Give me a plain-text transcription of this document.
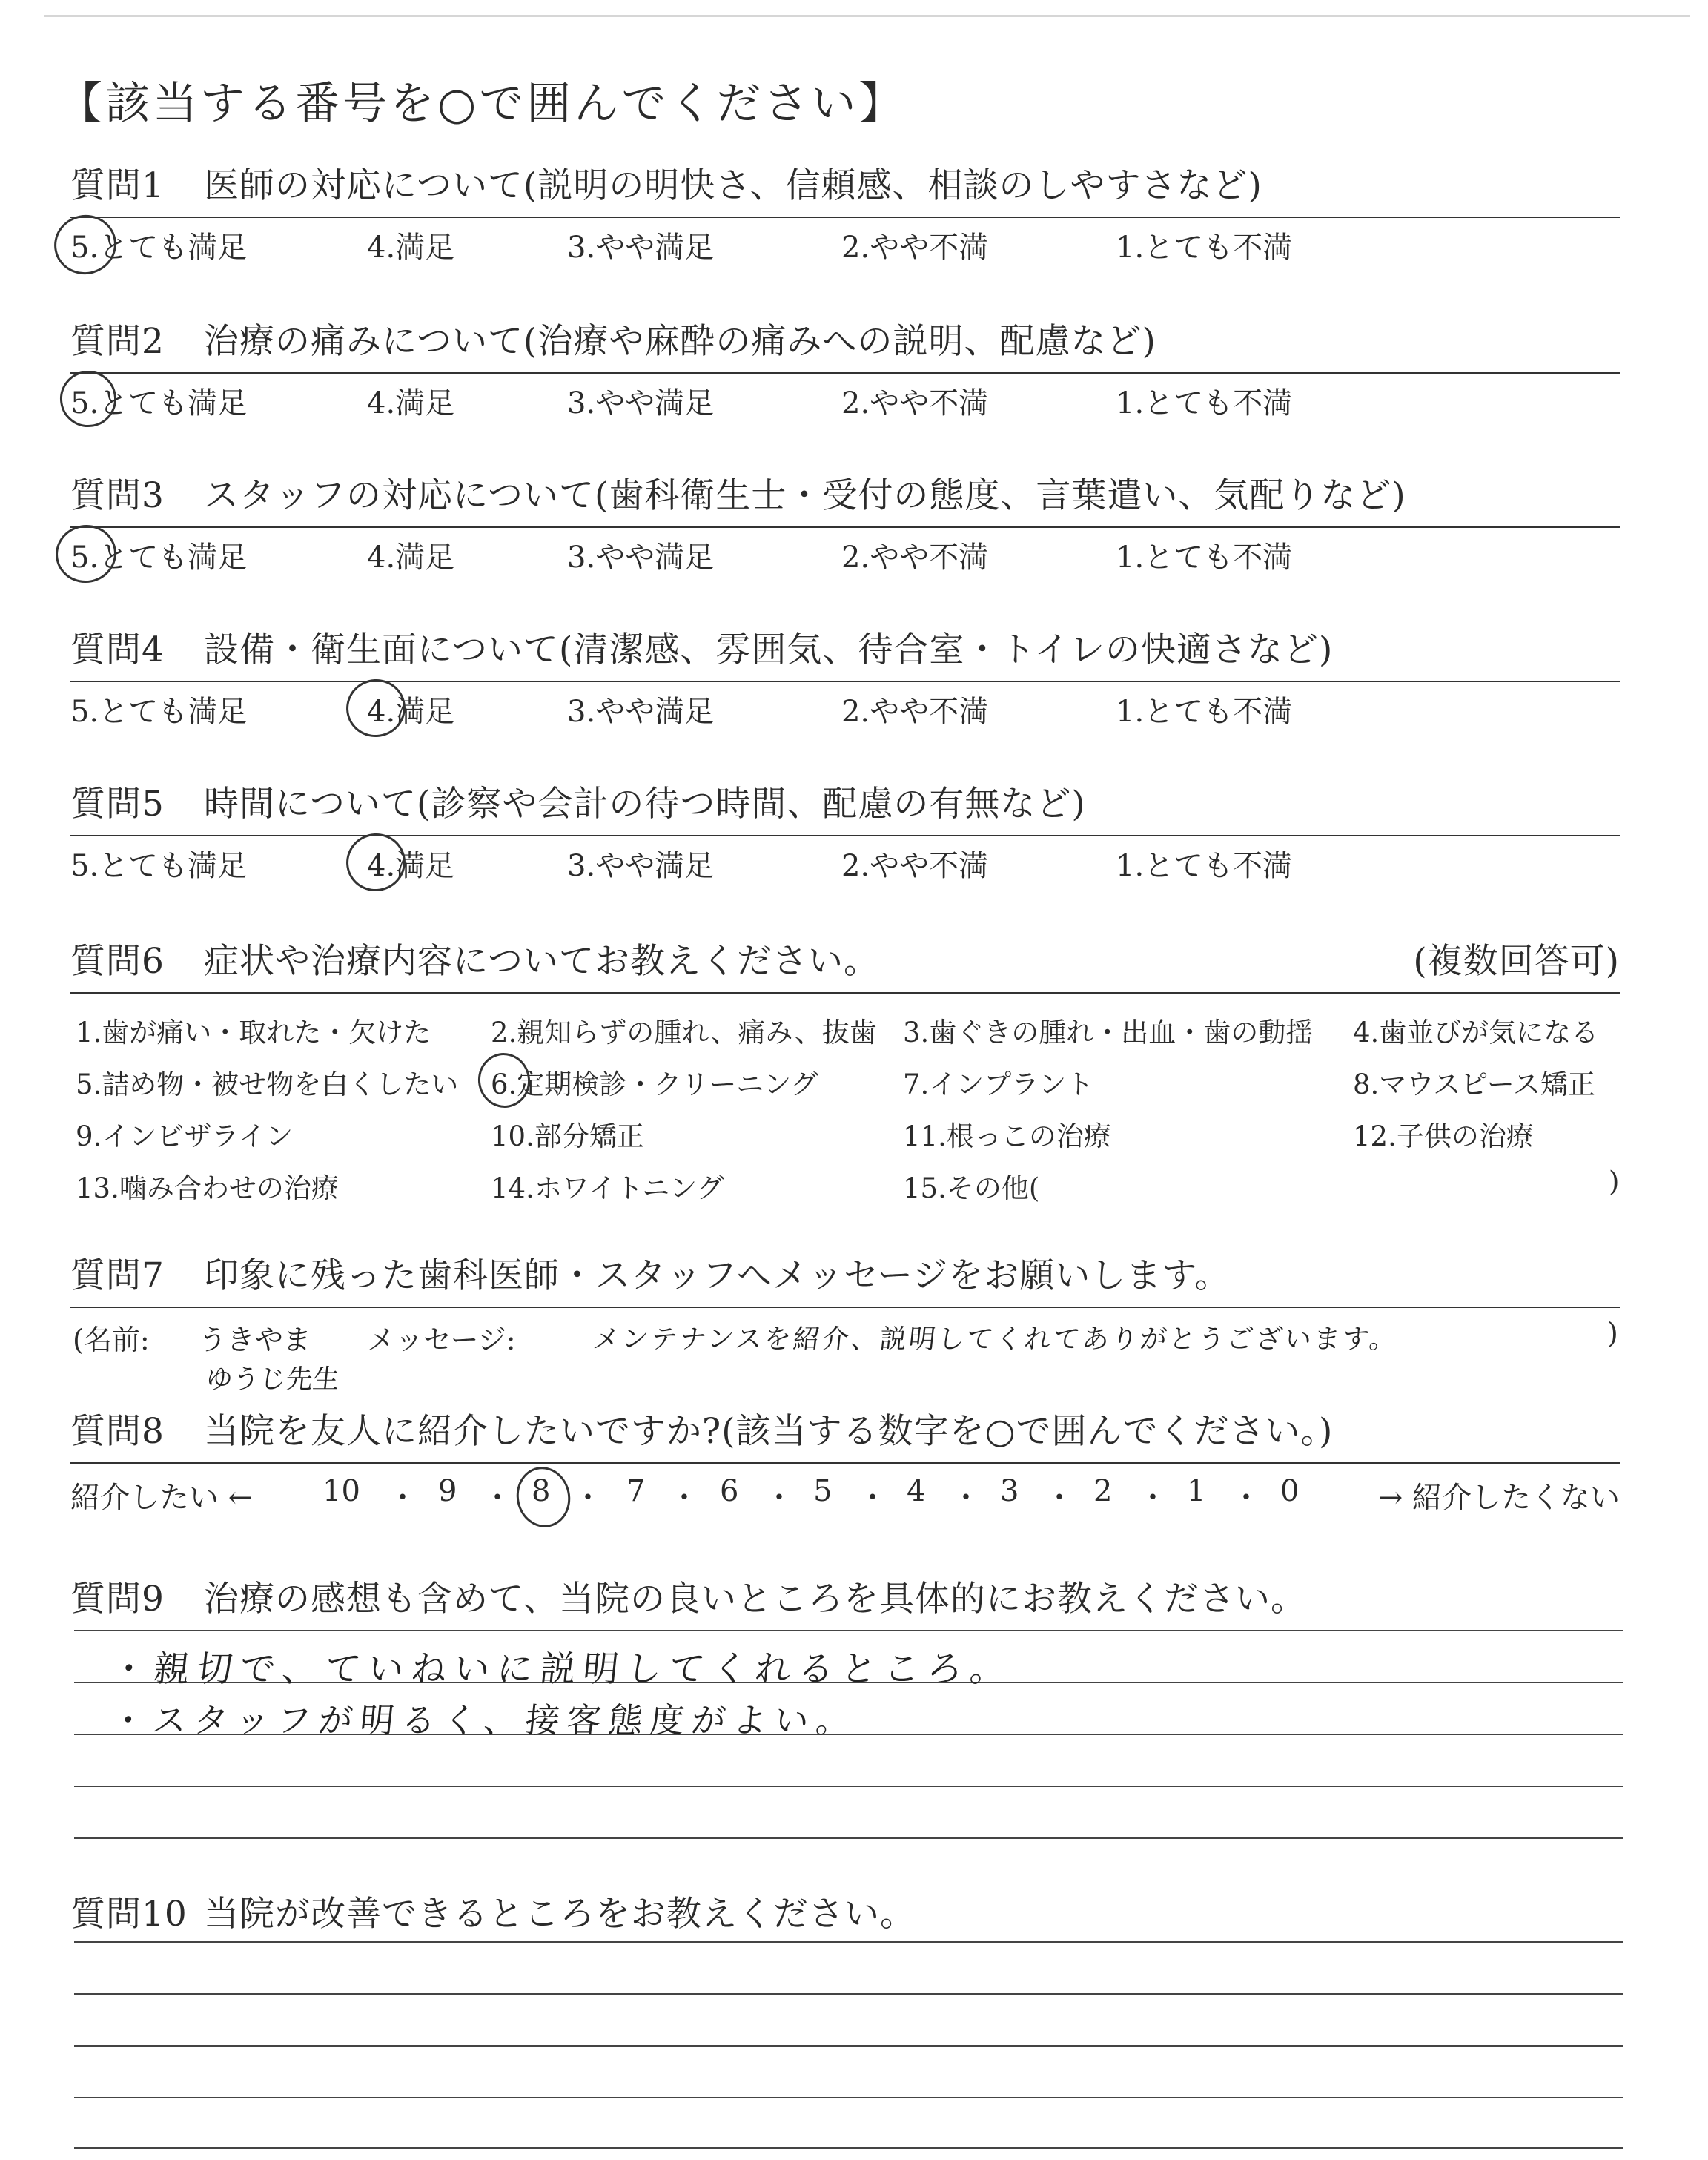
【該当する番号を○で囲んでください】
質問1 医師の対応について(説明の明快さ、信頼感、相談のしやすさなど)
5.とても満足	4.満足	3.やや満足	2.やや不満	1.とても不満
質問2 治療の痛みについて(治療や麻酔の痛みへの説明、配慮など)
5.とても満足	4.満足	3.やや満足	2.やや不満	1.とても不満
質問3 スタッフの対応について(歯科衛生士・受付の態度、言葉遣い、気配りなど)
5.とても満足	4.満足	3.やや満足	2.やや不満	1.とても不満
質問4 設備・衛生面について(清潔感、雰囲気、待合室・トイレの快適さなど)
5.とても満足	4.満足	3.やや満足	2.やや不満	1.とても不満
質問5 時間について(診察や会計の待つ時間、配慮の有無など)
5.とても満足	4.満足	3.やや満足	2.やや不満	1.とても不満
質問6 症状や治療内容についてお教えください。	(複数回答可)
1.歯が痛い・取れた・欠けた 2.親知らずの腫れ、痛み、抜歯 3.歯ぐきの腫れ・出血・歯の動揺 4.歯並びが気になる
5.詰め物・被せ物を白くしたい 6.定期検診・クリーニング	7.インプラント	8.マウスピース矯正
9.インビザライン	10.部分矯正	11.根っこの治療	12.子供の治療
13.噛み合わせの治療	14.ホワイトニング	15.その他(	)
質問7 印象に残った歯科医師・スタッフへメッセージをお願いします。
(名前: うきやま
ゆうじ先生
メッセージ:	メンテナンスを紹介、説明してくれてありがとうございます。	)
質問8 当院を友人に紹介したいですか?(該当する数字を○で囲んでください。)
紹介したい ← 10 ・ 9 ・ 8 ・ 7 ・ 6 ・ 5 ・ 4 ・ 3 ・ 2 ・ 1 ・ 0	→ 紹介したくない
質問9 治療の感想も含めて、当院の良いところを具体的にお教えください。
・親切で、ていねいに説明してくれるところ。
・スタッフが明るく、接客態度がよい。
質問10 当院が改善できるところをお教えください。
